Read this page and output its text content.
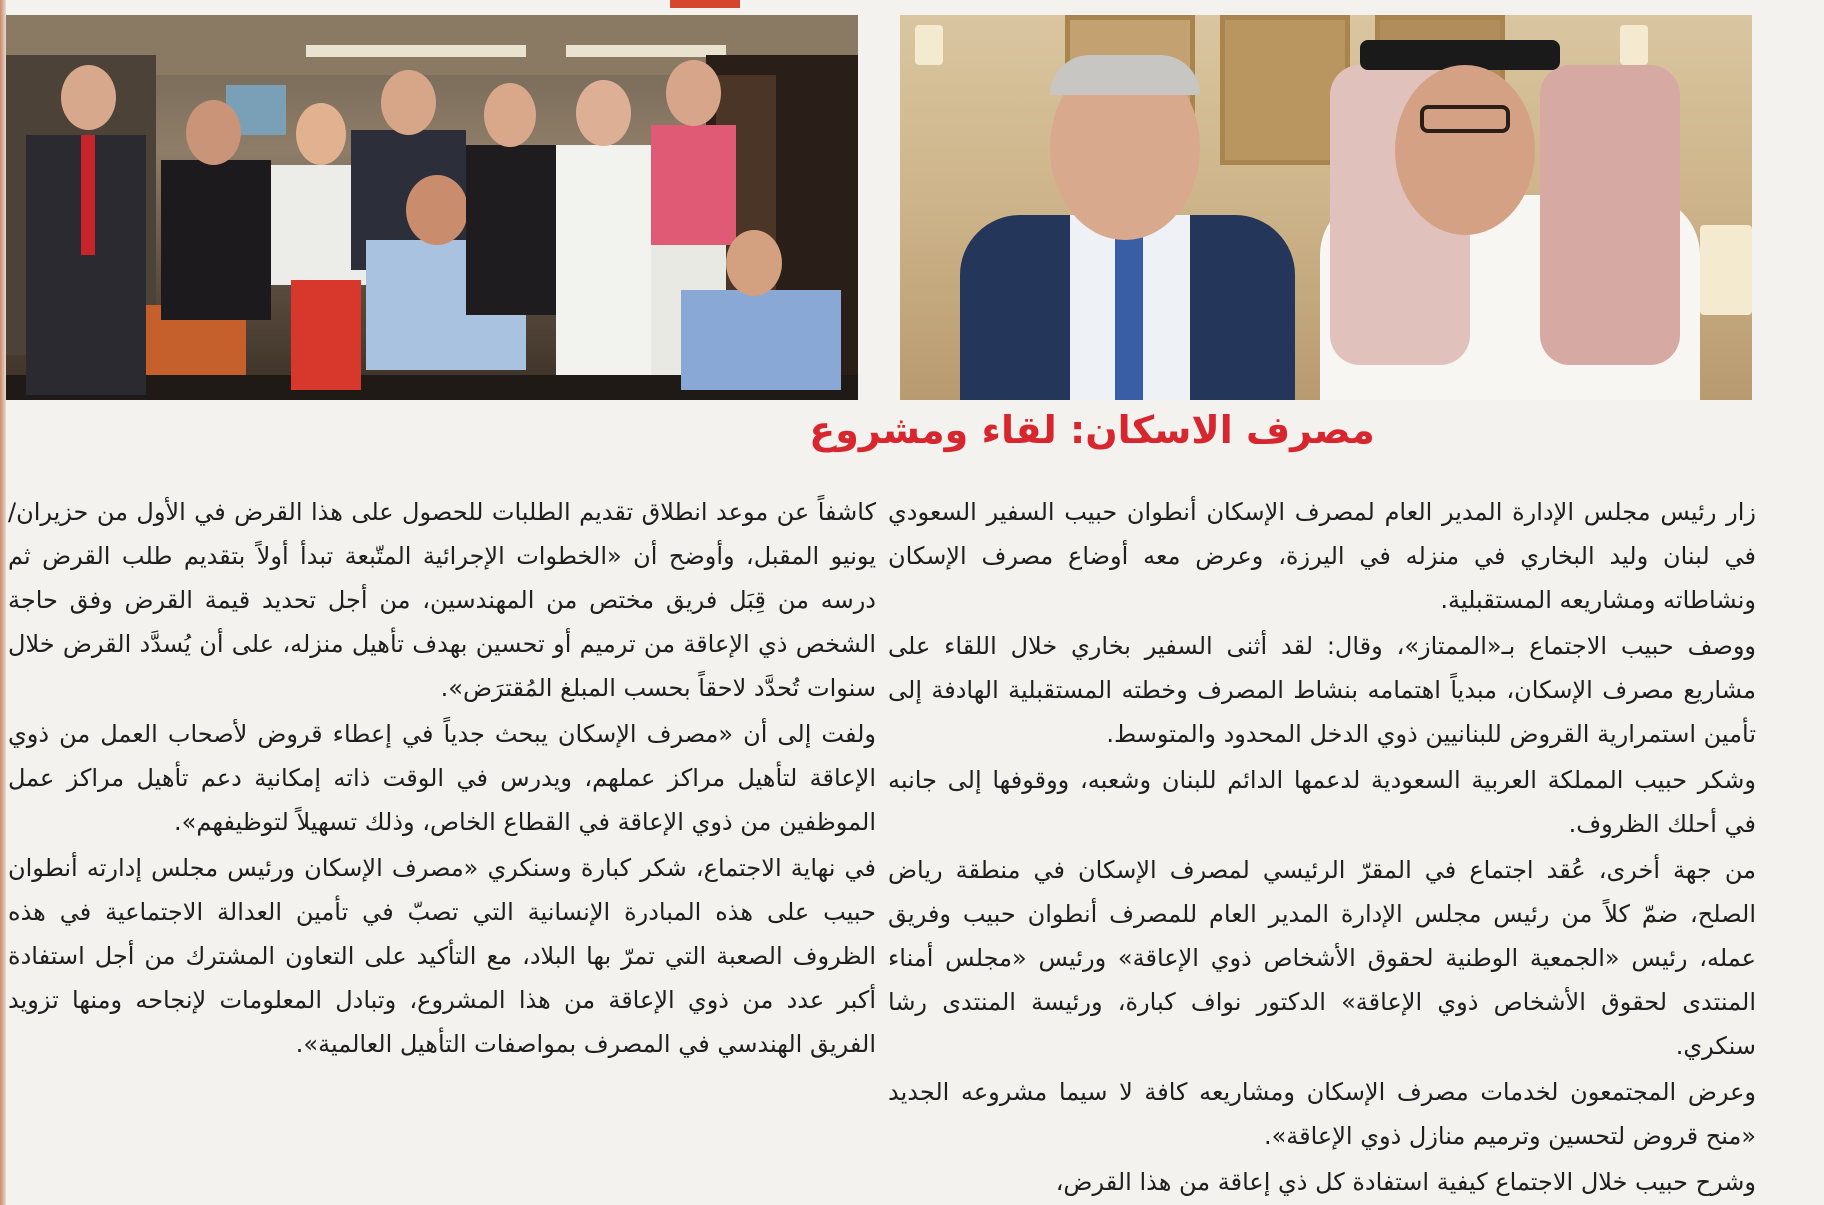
مصرف الاسكان: لقاء ومشروع

زار رئيس مجلس الإدارة المدير العام لمصرف الإسكان أنطوان حبيب السفير السعودي في لبنان وليد البخاري في منزله في اليرزة، وعرض معه أوضاع مصرف الإسكان ونشاطاته ومشاريعه المستقبلية.

ووصف حبيب الاجتماع بـ«الممتاز»، وقال: لقد أثنى السفير بخاري خلال اللقاء على مشاريع مصرف الإسكان، مبدياً اهتمامه بنشاط المصرف وخطته المستقبلية الهادفة إلى تأمين استمرارية القروض للبنانيين ذوي الدخل المحدود والمتوسط.

وشكر حبيب المملكة العربية السعودية لدعمها الدائم للبنان وشعبه، ووقوفها إلى جانبه في أحلك الظروف.

من جهة أخرى، عُقد اجتماع في المقرّ الرئيسي لمصرف الإسكان في منطقة رياض الصلح، ضمّ كلاً من رئيس مجلس الإدارة المدير العام للمصرف أنطوان حبيب وفريق عمله، رئيس «الجمعية الوطنية لحقوق الأشخاص ذوي الإعاقة» ورئيس «مجلس أمناء المنتدى لحقوق الأشخاص ذوي الإعاقة» الدكتور نواف كبارة، ورئيسة المنتدى رشا سنكري.

وعرض المجتمعون لخدمات مصرف الإسكان ومشاريعه كافة لا سيما مشروعه الجديد «منح قروض لتحسين وترميم منازل ذوي الإعاقة».

وشرح حبيب خلال الاجتماع كيفية استفادة كل ذي إعاقة من هذا القرض،

كاشفاً عن موعد انطلاق تقديم الطلبات للحصول على هذا القرض في الأول من حزيران/يونيو المقبل، وأوضح أن «الخطوات الإجرائية المتّبعة تبدأ أولاً بتقديم طلب القرض ثم درسه من قِبَل فريق مختص من المهندسين، من أجل تحديد قيمة القرض وفق حاجة الشخص ذي الإعاقة من ترميم أو تحسين بهدف تأهيل منزله، على أن يُسدَّد القرض خلال سنوات تُحدَّد لاحقاً بحسب المبلغ المُقترَض».

ولفت إلى أن «مصرف الإسكان يبحث جدياً في إعطاء قروض لأصحاب العمل من ذوي الإعاقة لتأهيل مراكز عملهم، ويدرس في الوقت ذاته إمكانية دعم تأهيل مراكز عمل الموظفين من ذوي الإعاقة في القطاع الخاص، وذلك تسهيلاً لتوظيفهم».

في نهاية الاجتماع، شكر كبارة وسنكري «مصرف الإسكان ورئيس مجلس إدارته أنطوان حبيب على هذه المبادرة الإنسانية التي تصبّ في تأمين العدالة الاجتماعية في هذه الظروف الصعبة التي تمرّ بها البلاد، مع التأكيد على التعاون المشترك من أجل استفادة أكبر عدد من ذوي الإعاقة من هذا المشروع، وتبادل المعلومات لإنجاحه ومنها تزويد الفريق الهندسي في المصرف بمواصفات التأهيل العالمية».
